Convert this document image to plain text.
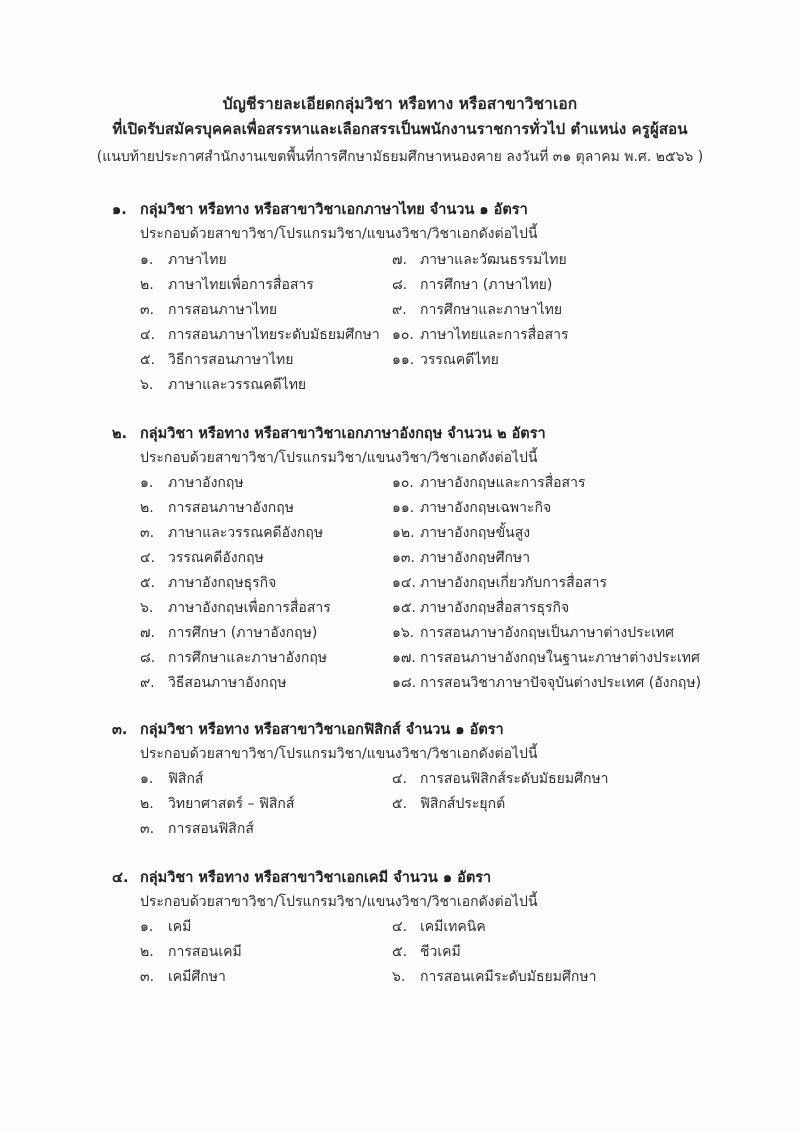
บัญชีรายละเอียดกลุ่มวิชา หรือทาง หรือสาขาวิชาเอก
ที่เปิดรับสมัครบุคคลเพื่อสรรหาและเลือกสรรเป็นพนักงานราชการทั่วไป ตำแหน่ง ครูผู้สอน
(แนบท้ายประกาศสำนักงานเขตพื้นที่การศึกษามัธยมศึกษาหนองคาย ลงวันที่ ๓๑ ตุลาคม พ.ศ. ๒๕๖๖ )
๑. กลุ่มวิชา หรือทาง หรือสาขาวิชาเอกภาษาไทย จำนวน ๑ อัตรา
ประกอบด้วยสาขาวิชา/โปรแกรมวิชา/แขนงวิชา/วิชาเอกดังต่อไปนี้
๑.	ภาษาไทย
๒.	ภาษาไทยเพื่อการสื่อสาร
๓. การสอนภาษาไทย
๔. การสอนภาษาไทยระดับมัธยมศึกษา
๕. วิธีการสอนภาษาไทย
๖.	ภาษาและวรรณคดีไทย
๗. ภาษาและวัฒนธรรมไทย
๘. การศึกษา (ภาษาไทย)
๙. การศึกษาและภาษาไทย
๑๐. ภาษาไทยและการสื่อสาร
๑๑. วรรณคดีไทย
๒. กลุ่มวิชา หรือทาง หรือสาขาวิชาเอกภาษาอังกฤษ จำนวน ๒ อัตรา
ประกอบด้วยสาขาวิชา/โปรแกรมวิชา/แขนงวิชา/วิชาเอกดังต่อไปนี้
๑.	ภาษาอังกฤษ
๒.	การสอนภาษาอังกฤษ
๓. ภาษาและวรรณคดีอังกฤษ
๔. วรรณคดีอังกฤษ
๕. ภาษาอังกฤษธุรกิจ
๖.	ภาษาอังกฤษเพื่อการสื่อสาร
๗. การศึกษา (ภาษาอังกฤษ)
๘. การศึกษาและภาษาอังกฤษ
๙. วิธีสอนภาษาอังกฤษ
๑๐. ภาษาอังกฤษและการสื่อสาร
๑๑. ภาษาอังกฤษเฉพาะกิจ
๑๒. ภาษาอังกฤษขั้นสูง
๑๓. ภาษาอังกฤษศึกษา
๑๔. ภาษาอังกฤษเกี่ยวกับการสื่อสาร
๑๕. ภาษาอังกฤษสื่อสารธุรกิจ
๑๖. การสอนภาษาอังกฤษเป็นภาษาต่างประเทศ
๑๗. การสอนภาษาอังกฤษในฐานะภาษาต่างประเทศ
๑๘. การสอนวิชาภาษาปัจจุบันต่างประเทศ (อังกฤษ)
๓. กลุ่มวิชา หรือทาง หรือสาขาวิชาเอกฟิสิกส์ จำนวน ๑ อัตรา
ประกอบด้วยสาขาวิชา/โปรแกรมวิชา/แขนงวิชา/วิชาเอกดังต่อไปนี้
๑.	ฟิสิกส์
๒.	วิทยาศาสตร์ – ฟิสิกส์
๓. การสอนฟิสิกส์
๔. การสอนฟิสิกส์ระดับมัธยมศึกษา
๕. ฟิสิกส์ประยุกต์
๔. กลุ่มวิชา หรือทาง หรือสาขาวิชาเอกเคมี จำนวน ๑ อัตรา
ประกอบด้วยสาขาวิชา/โปรแกรมวิชา/แขนงวิชา/วิชาเอกดังต่อไปนี้
๑.	เคมี
๒.	การสอนเคมี
๓. เคมีศึกษา
๔. เคมีเทคนิค
๕. ชีวเคมี
๖.	การสอนเคมีระดับมัธยมศึกษา
